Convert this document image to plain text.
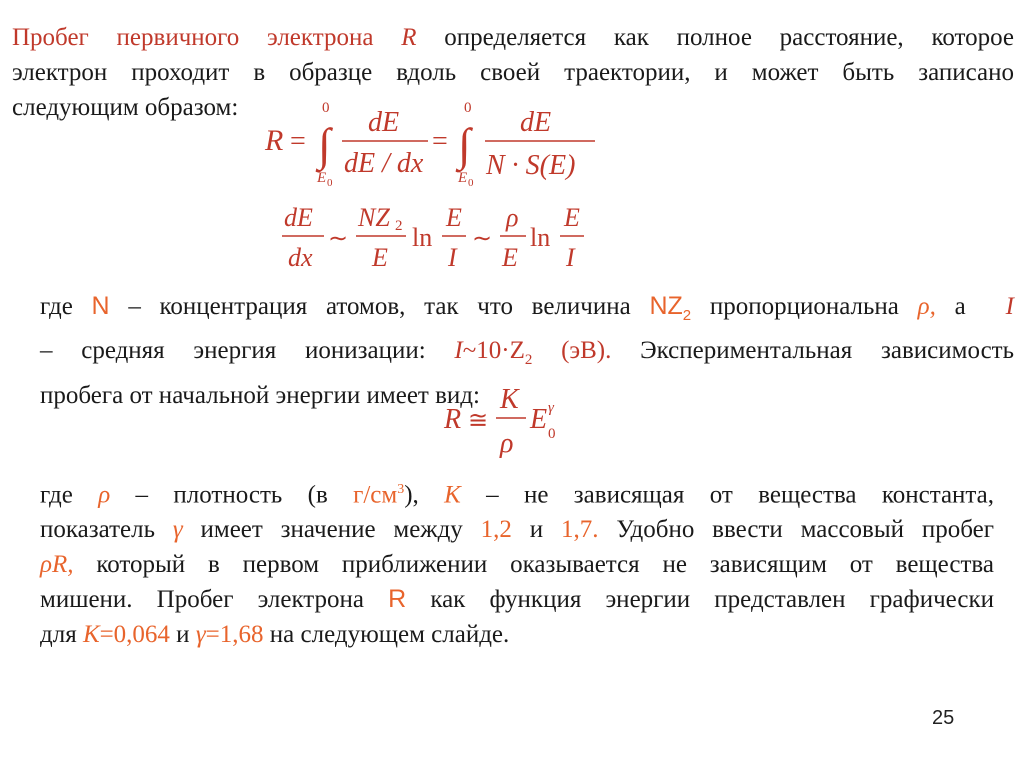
Пробег первичного электрона R определяется как полное расстояние, которое
электрон проходит в образце вдоль своей траектории, и может быть записано
следующим образом:
R = ∫
0
E 0
dE
dE / dx
= ∫
0
E 0
dE
N · S(E)
dE
dx
∼
NZ 2
E
ln
E
I
∼
ρ
E
ln
E
I
где N – концентрация атомов, так что величина $NZ_2$ пропорциональна ρ, а I
– средняя энергия ионизации: $I\sim 10\cdot Z_2$ (эВ). Экспериментальная зависимость
пробега от начальной энергии имеет вид:
R ≅
K
ρ
E 0
γ
где ρ – плотность (в $г/см^3$), К – не зависящая от вещества константа,
показатель γ имеет значение между 1,2 и 1,7. Удобно ввести массовый пробег
ρR, который в первом приближении оказывается не зависящим от вещества
мишени. Пробег электрона R как функция энергии представлен графически
для К=0,064 и γ=1,68 на следующем слайде.
25
